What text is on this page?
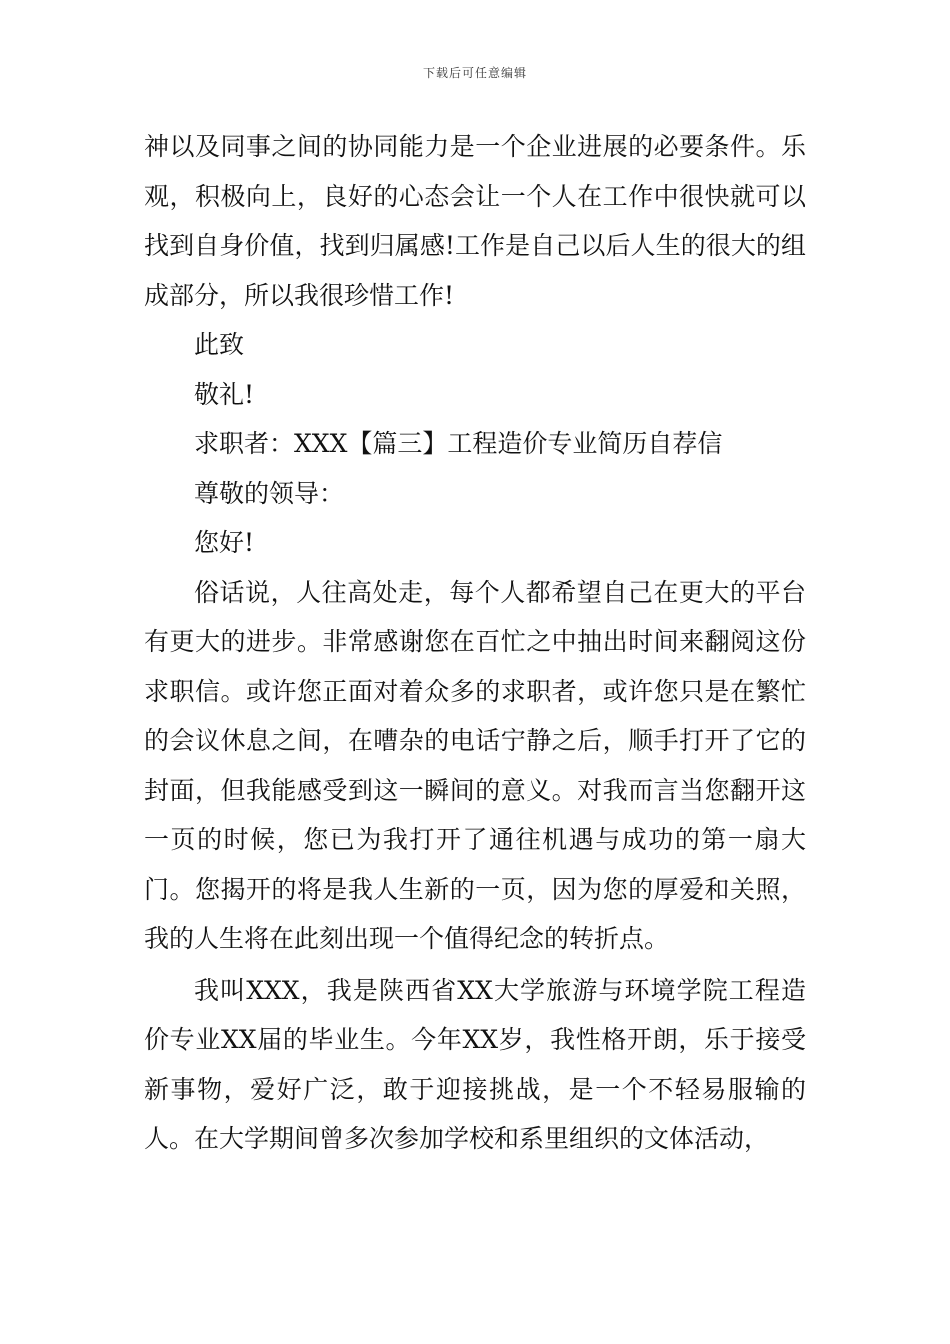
下载后可任意编辑

神以及同事之间的协同能力是一个企业进展的必要条件。乐观，积极向上，良好的心态会让一个人在工作中很快就可以找到自身价值，找到归属感!工作是自己以后人生的很大的组成部分，所以我很珍惜工作!

此致

敬礼!

求职者：XXX【篇三】工程造价专业简历自荐信

尊敬的领导：

您好!

俗话说，人往高处走，每个人都希望自己在更大的平台有更大的进步。非常感谢您在百忙之中抽出时间来翻阅这份求职信。或许您正面对着众多的求职者，或许您只是在繁忙的会议休息之间，在嘈杂的电话宁静之后，顺手打开了它的封面，但我能感受到这一瞬间的意义。对我而言当您翻开这一页的时候，您已为我打开了通往机遇与成功的第一扇大门。您揭开的将是我人生新的一页，因为您的厚爱和关照，我的人生将在此刻出现一个值得纪念的转折点。

我叫XXX，我是陕西省XX大学旅游与环境学院工程造价专业XX届的毕业生。今年XX岁，我性格开朗，乐于接受新事物，爱好广泛，敢于迎接挑战，是一个不轻易服输的人。在大学期间曾多次参加学校和系里组织的文体活动，
